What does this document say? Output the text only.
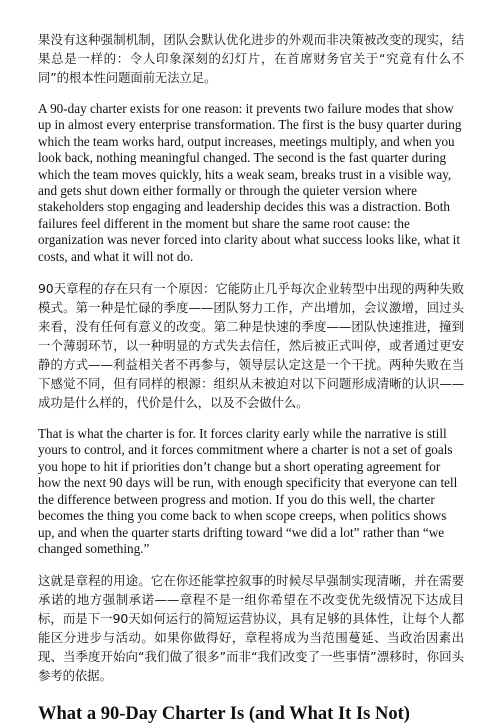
果没有这种强制机制，团队会默认优化进步的外观而非决策被改变的现实，结果总是一样的：令人印象深刻的幻灯片，在首席财务官关于“究竟有什么不同”的根本性问题面前无法立足。

A 90-day charter exists for one reason: it prevents two failure modes that show up in almost every enterprise transformation. The first is the busy quarter during which the team works hard, output increases, meetings multiply, and when you look back, nothing meaningful changed. The second is the fast quarter during which the team moves quickly, hits a weak seam, breaks trust in a visible way, and gets shut down either formally or through the quieter version where stakeholders stop engaging and leadership decides this was a distraction. Both failures feel different in the moment but share the same root cause: the organization was never forced into clarity about what success looks like, what it costs, and what it will not do.

90天章程的存在只有一个原因：它能防止几乎每次企业转型中出现的两种失败模式。第一种是忙碌的季度——团队努力工作，产出增加，会议激增，回过头来看，没有任何有意义的改变。第二种是快速的季度——团队快速推进，撞到一个薄弱环节，以一种明显的方式失去信任，然后被正式叫停，或者通过更安静的方式——利益相关者不再参与，领导层认定这是一个干扰。两种失败在当下感觉不同，但有同样的根源：组织从未被迫对以下问题形成清晰的认识——成功是什么样的，代价是什么，以及不会做什么。

That is what the charter is for. It forces clarity early while the narrative is still yours to control, and it forces commitment where a charter is not a set of goals you hope to hit if priorities don’t change but a short operating agreement for how the next 90 days will be run, with enough specificity that everyone can tell the difference between progress and motion. If you do this well, the charter becomes the thing you come back to when scope creeps, when politics shows up, and when the quarter starts drifting toward “we did a lot” rather than “we changed something.”

这就是章程的用途。它在你还能掌控叙事的时候尽早强制实现清晰，并在需要承诺的地方强制承诺——章程不是一组你希望在不改变优先级情况下达成目标，而是下一90天如何运行的简短运营协议，具有足够的具体性，让每个人都能区分进步与活动。如果你做得好，章程将成为当范围蔓延、当政治因素出现、当季度开始向“我们做了很多”而非“我们改变了一些事情”漂移时，你回头参考的依据。

What a 90-Day Charter Is (and What It Is Not)
